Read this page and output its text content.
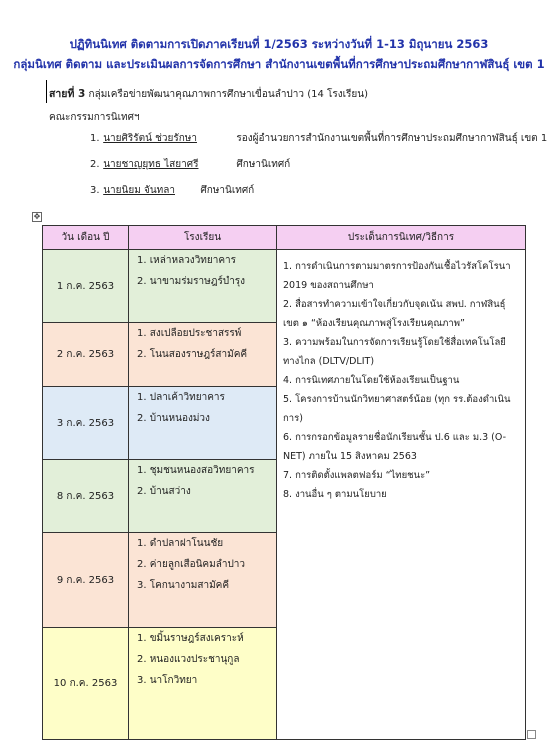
ปฏิทินนิเทศ ติดตามการเปิดภาคเรียนที่ 1/2563 ระหว่างวันที่ 1-13 มิถุนายน 2563
กลุ่มนิเทศ ติดตาม และประเมินผลการจัดการศึกษา สำนักงานเขตพื้นที่การศึกษาประถมศึกษากาฬสินธุ์ เขต 1
สายที่ 3 กลุ่มเครือข่ายพัฒนาคุณภาพการศึกษาเขื่อนลำปาว (14 โรงเรียน)
คณะกรรมการนิเทศฯ
1. นายศิริรัตน์ ช่วยรักษา	รองผู้อำนวยการสำนักงานเขตพื้นที่การศึกษาประถมศึกษากาฬสินธุ์ เขต 1
2. นายชาญยุทธ ไสยาศรี	ศึกษานิเทศก์
3. นายนิยม จันทลา	ศึกษานิเทศก์
✥
วัน เดือน ปี	โรงเรียน	ประเด็นการนิเทศ/วิธีการ
1 ก.ค. 2563
1. เหล่าหลวงวิทยาคาร
2. นาขามร่มราษฎร์บำรุง
2 ก.ค. 2563
1. สงเปลือยประชาสรรพ์
2. โนนสองราษฎร์สามัคคี
3 ก.ค. 2563
1. ปลาเค้าวิทยาคาร
2. บ้านหนองม่วง
8 ก.ค. 2563
1. ชุมชนหนองสอวิทยาคาร
2. บ้านสว่าง
9 ก.ค. 2563
1. ดำปลาฝาโนนชัย
2. ค่ายลูกเสือนิคมลำปาว
3. โคกนางามสามัคคี
10 ก.ค. 2563
1. ขมิ้นราษฎร์สงเคราะห์
2. หนองแวงประชานุกูล
3. นาโกวิทยา
1. การดำเนินการตามมาตรการป้องกันเชื้อไวรัสโคโรนา 2019 ของสถานศึกษา
2. สื่อสารทำความเข้าใจเกี่ยวกับจุดเน้น สพป. กาฬสินธุ์ เขต ๑ “ห้องเรียนคุณภาพสู่โรงเรียนคุณภาพ”
3. ความพร้อมในการจัดการเรียนรู้โดยใช้สื่อเทคโนโลยีทางไกล (DLTV/DLIT)
4. การนิเทศภายในโดยใช้ห้องเรียนเป็นฐาน
5. โครงการบ้านนักวิทยาศาสตร์น้อย (ทุก รร.ต้องดำเนินการ)
6. การกรอกข้อมูลรายชื่อนักเรียนชั้น ป.6 และ ม.3 (O-NET) ภายใน 15 สิงหาคม 2563
7. การติดตั้งแพลตฟอร์ม “ไทยชนะ”
8. งานอื่น ๆ ตามนโยบาย
